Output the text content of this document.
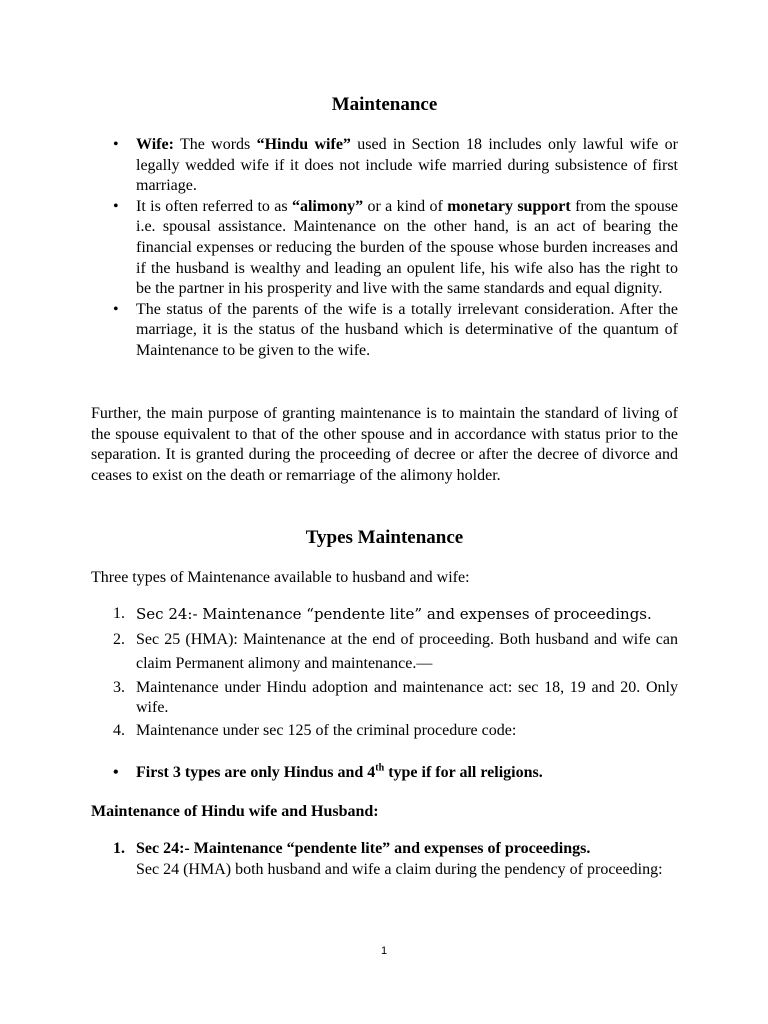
Maintenance
• Wife: The words “Hindu wife” used in Section 18 includes only lawful wife or legally wedded wife if it does not include wife married during subsistence of first marriage.
• It is often referred to as “alimony” or a kind of monetary support from the spouse i.e. spousal assistance. Maintenance on the other hand, is an act of bearing the financial expenses or reducing the burden of the spouse whose burden increases and if the husband is wealthy and leading an opulent life, his wife also has the right to be the partner in his prosperity and live with the same standards and equal dignity.
• The status of the parents of the wife is a totally irrelevant consideration. After the marriage, it is the status of the husband which is determinative of the quantum of Maintenance to be given to the wife.

Further, the main purpose of granting maintenance is to maintain the standard of living of the spouse equivalent to that of the other spouse and in accordance with status prior to the separation. It is granted during the proceeding of decree or after the decree of divorce and ceases to exist on the death or remarriage of the alimony holder.

Types Maintenance

Three types of Maintenance available to husband and wife:

1. Sec 24:- Maintenance “pendente lite” and expenses of proceedings.
2. Sec 25 (HMA): Maintenance at the end of proceeding. Both husband and wife can claim Permanent alimony and maintenance.—
3. Maintenance under Hindu adoption and maintenance act: sec 18, 19 and 20. Only wife.
4. Maintenance under sec 125 of the criminal procedure code:
• First 3 types are only Hindus and 4th type if for all religions.

Maintenance of Hindu wife and Husband:

1. Sec 24:- Maintenance “pendente lite” and expenses of proceedings.
Sec 24 (HMA) both husband and wife a claim during the pendency of proceeding:
1
